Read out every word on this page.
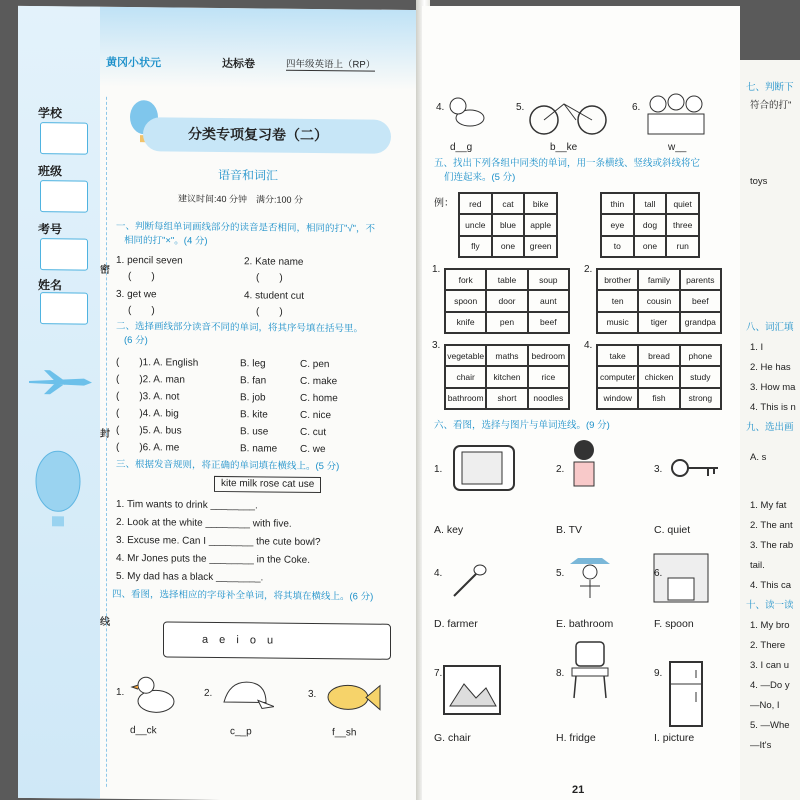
黄冈小状元	达标卷	四年级英语上（RP）
学校
班级
考号
姓名
密
封
线
分类专项复习卷（二）
语音和词汇
建议时间:40 分钟　满分:100 分
一、判断每组单词画线部分的读音是否相同，相同的打"√"，不
相同的打"×"。(4 分)
1. pencil seven
(　　)
2. Kate name
(　　)
3. get we
(　　)
4. student cut
(　　)
二、选择画线部分读音不同的单词，将其序号填在括号里。
(6 分)
(　　)1. A. English	B. leg	C. pen
(　　)2. A. man	B. fan	C. make
(　　)3. A. not	B. job	C. home
(　　)4. A. big	B. kite	C. nice
(　　)5. A. bus	B. use	C. cut
(　　)6. A. me	B. name C. we
三、根据发音规则，将正确的单词填在横线上。(5 分)
kite milk rose cat use
1. Tim wants to drink ________.
2. Look at the white ________ with five.
3. Excuse me. Can I ________ the cute bowl?
4. Mr Jones puts the ________ in the Coke.
5. My dad has a black ________.
四、看图，选择相应的字母补全单词，将其填在横线上。(6 分)
a e i o u
1.
d__ck
2.
c__p
3.
f__sh
4.
d__g
5.
b__ke
6.
w__
五、找出下列各组中同类的单词，用一条横线、竖线或斜线将它
们连起来。(5 分)
例：	red	cat	bike
uncle	blue	apple
fly	one	green
thin	tall	quiet
eye	dog	three
to	one	run
1.
fork	table	soup
spoon	door	aunt
knife	pen	beef
2.
brother	family	parents
ten	cousin	beef
music	tiger	grandpa
3.
vegetable	maths	bedroom
chair	kitchen	rice
bathroom	short	noodles
4.
take	bread	phone
computer	chicken	study
window	fish	strong
六、看图，选择与图片与单词连线。(9 分)
1.	2.	3.
4.	5.	6.
7.	8.	9.
A. key	B. TV	C. quiet
D. farmer	E. bathroom	F. spoon
G. chair	H. fridge	I. picture
21
七、判断下
符合的打"
toys
八、词汇填
1. I
2. He has
3. How ma
4. This is n
九、选出画
A. s
1. My fat
2. The ant
3. The rab
tail.
4. This ca
十、读一读
1. My bro
2. There
3. I can u
4. —Do y
—No, I
5. —Whe
—It's
